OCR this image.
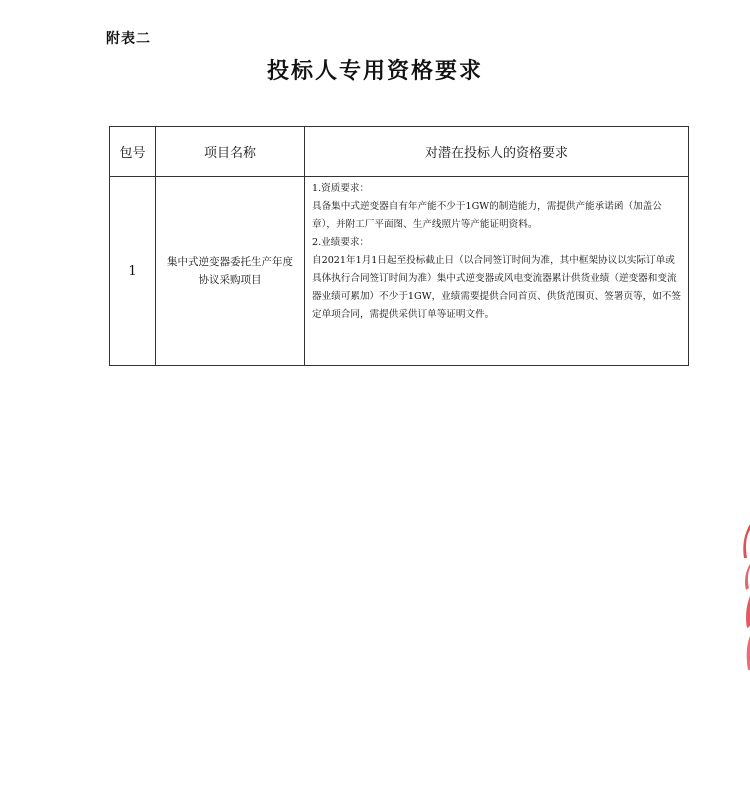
附表二
投标人专用资格要求
包号	项目名称	对潜在投标人的资格要求
1	集中式逆变器委托生产年度协议采购项目	1.资质要求：

具备集中式逆变器自有年产能不少于1GW的制造能力，需提供产能承诺函（加盖公章），并附工厂平面图、生产线照片等产能证明资料。

2.业绩要求：

自2021年1月1日起至投标截止日（以合同签订时间为准，其中框架协议以实际订单或具体执行合同签订时间为准）集中式逆变器或风电变流器累计供货业绩（逆变器和变流器业绩可累加）不少于1GW，业绩需要提供合同首页、供货范围页、签署页等，如不签定单项合同，需提供采供订单等证明文件。
